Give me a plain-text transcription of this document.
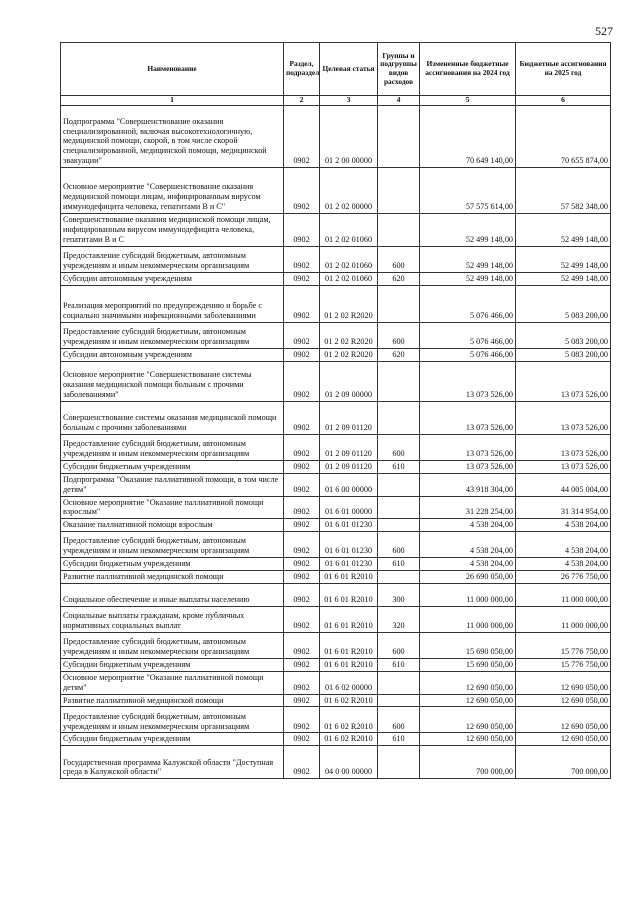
527
Наименование	Раздел, подраздел	Целевая статья	Группы и подгруппы видов расходов	Измененные бюджетные ассигнования на 2024 год	Бюджетные ассигнования на 2025 год
1	2	3	4	5	6
Подпрограмма "Совершенствование оказания специализированной, включая высокотехнологичную, медицинской помощи, скорой, в том числе скорой специализированной, медицинской помощи, медицинской эвакуации"	0902	01 2 00 00000		70 649 140,00	70 655 874,00
Основное мероприятие "Совершенствование оказания медицинской помощи лицам, инфицированным вирусом иммунодефицита человека, гепатитами В и С"	0902	01 2 02 00000		57 575 614,00	57 582 348,00
Совершенствование оказания медицинской помощи лицам, инфицированным вирусом иммунодефицита человека, гепатитами В и С	0902	01 2 02 01060		52 499 148,00	52 499 148,00
Предоставление субсидий бюджетным, автономным учреждениям и иным некоммерческим организациям	0902	01 2 02 01060	600	52 499 148,00	52 499 148,00
Субсидии автономным учреждениям	0902	01 2 02 01060	620	52 499 148,00	52 499 148,00
Реализация мероприятий по предупреждению и борьбе с социально значимыми инфекционными заболеваниями	0902	01 2 02 R2020		5 076 466,00	5 083 200,00
Предоставление субсидий бюджетным, автономным учреждениям и иным некоммерческим организациям	0902	01 2 02 R2020	600	5 076 466,00	5 083 200,00
Субсидии автономным учреждениям	0902	01 2 02 R2020	620	5 076 466,00	5 083 200,00
Основное мероприятие "Совершенствование системы оказания медицинской помощи больным с прочими заболеваниями"	0902	01 2 09 00000		13 073 526,00	13 073 526,00
Совершенствование системы оказания медицинской помощи больным с прочими заболеваниями	0902	01 2 09 01120		13 073 526,00	13 073 526,00
Предоставление субсидий бюджетным, автономным учреждениям и иным некоммерческим организациям	0902	01 2 09 01120	600	13 073 526,00	13 073 526,00
Субсидии бюджетным учреждениям	0902	01 2 09 01120	610	13 073 526,00	13 073 526,00
Подпрограмма "Оказание паллиативной помощи, в том числе детям"	0902	01 6 00 00000		43 918 304,00	44 005 004,00
Основное мероприятие "Оказание паллиативной помощи взрослым"	0902	01 6 01 00000		31 228 254,00	31 314 954,00
Оказание паллиативной помощи взрослым	0902	01 6 01 01230		4 538 204,00	4 538 204,00
Предоставление субсидий бюджетным, автономным учреждениям и иным некоммерческим организациям	0902	01 6 01 01230	600	4 538 204,00	4 538 204,00
Субсидии бюджетным учреждениям	0902	01 6 01 01230	610	4 538 204,00	4 538 204,00
Развитие паллиативной медицинской помощи	0902	01 6 01 R2010		26 690 050,00	26 776 750,00
Социальное обеспечение и иные выплаты населению	0902	01 6 01 R2010	300	11 000 000,00	11 000 000,00
Социальные выплаты гражданам, кроме публичных нормативных социальных выплат	0902	01 6 01 R2010	320	11 000 000,00	11 000 000,00
Предоставление субсидий бюджетным, автономным учреждениям и иным некоммерческим организациям	0902	01 6 01 R2010	600	15 690 050,00	15 776 750,00
Субсидии бюджетным учреждениям	0902	01 6 01 R2010	610	15 690 050,00	15 776 750,00
Основное мероприятие "Оказание паллиативной помощи детям"	0902	01 6 02 00000		12 690 050,00	12 690 050,00
Развитие паллиативной медицинской помощи	0902	01 6 02 R2010		12 690 050,00	12 690 050,00
Предоставление субсидий бюджетным, автономным учреждениям и иным некоммерческим организациям	0902	01 6 02 R2010	600	12 690 050,00	12 690 050,00
Субсидии бюджетным учреждениям	0902	01 6 02 R2010	610	12 690 050,00	12 690 050,00
Государственная программа Калужской области "Доступная среда в Калужской области"	0902	04 0 00 00000		700 000,00	700 000,00
